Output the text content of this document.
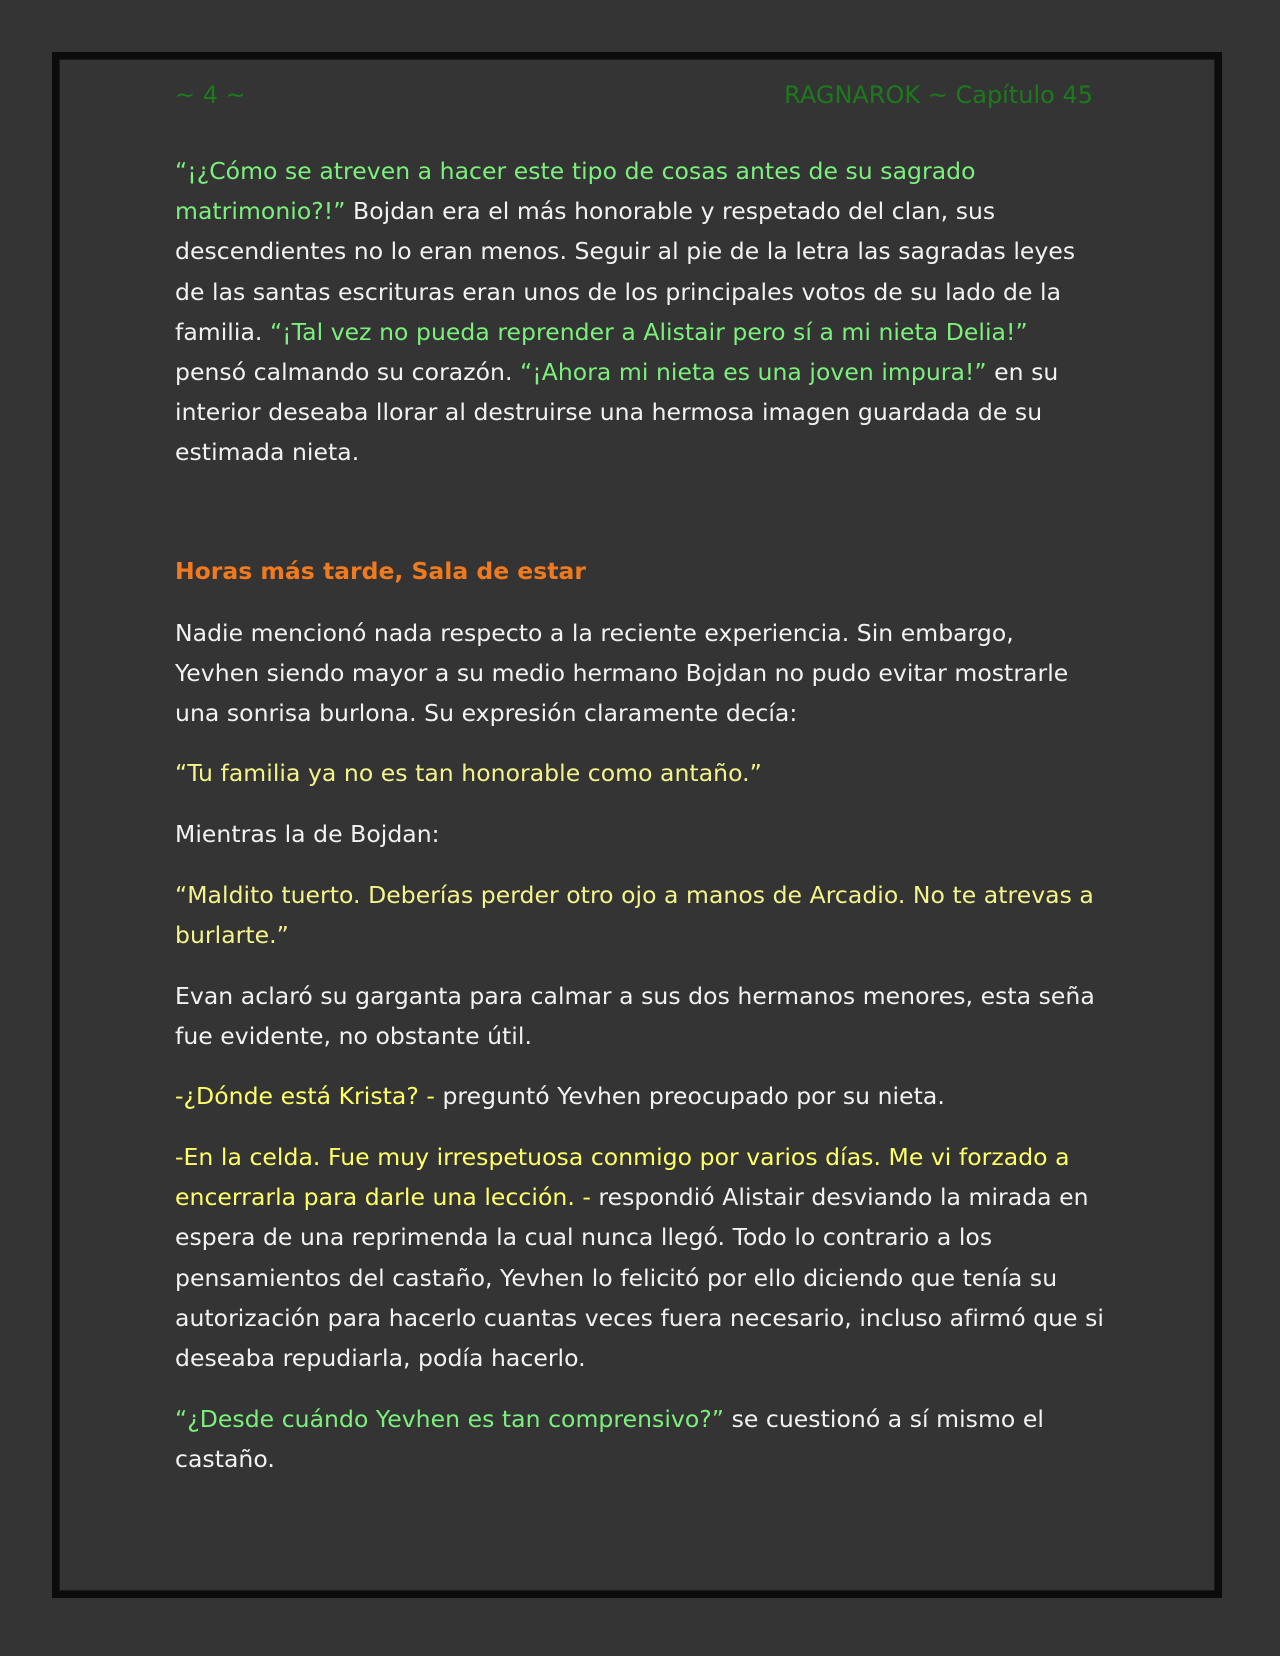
~ 4 ~	RAGNAROK ~ Capítulo 45

“¡¿Cómo se atreven a hacer este tipo de cosas antes de su sagrado matrimonio?!” Bojdan era el más honorable y respetado del clan, sus descendientes no lo eran menos. Seguir al pie de la letra las sagradas leyes de las santas escrituras eran unos de los principales votos de su lado de la familia. “¡Tal vez no pueda reprender a Alistair pero sí a mi nieta Delia!” pensó calmando su corazón. “¡Ahora mi nieta es una joven impura!” en su interior deseaba llorar al destruirse una hermosa imagen guardada de su estimada nieta.

Horas más tarde, Sala de estar

Nadie mencionó nada respecto a la reciente experiencia. Sin embargo, Yevhen siendo mayor a su medio hermano Bojdan no pudo evitar mostrarle una sonrisa burlona. Su expresión claramente decía:

“Tu familia ya no es tan honorable como antaño.”

Mientras la de Bojdan:

“Maldito tuerto. Deberías perder otro ojo a manos de Arcadio. No te atrevas a burlarte.”

Evan aclaró su garganta para calmar a sus dos hermanos menores, esta seña fue evidente, no obstante útil.

-¿Dónde está Krista? - preguntó Yevhen preocupado por su nieta.

-En la celda. Fue muy irrespetuosa conmigo por varios días. Me vi forzado a encerrarla para darle una lección. - respondió Alistair desviando la mirada en espera de una reprimenda la cual nunca llegó. Todo lo contrario a los pensamientos del castaño, Yevhen lo felicitó por ello diciendo que tenía su autorización para hacerlo cuantas veces fuera necesario, incluso afirmó que si deseaba repudiarla, podía hacerlo.

“¿Desde cuándo Yevhen es tan comprensivo?” se cuestionó a sí mismo el castaño.
